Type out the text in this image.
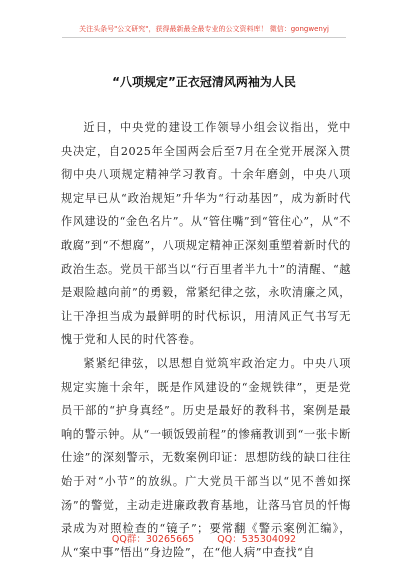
关注头条号"公文研究"，获得最新最全最专业的公文资料库！ 微信：gongwenyj
“八项规定”正衣冠清风两袖为人民

近日，中央党的建设工作领导小组会议指出，党中央决定，自2025年全国两会后至7月在全党开展深入贯彻中央八项规定精神学习教育。十余年磨剑，中央八项规定早已从“政治规矩”升华为“行动基因”，成为新时代作风建设的“金色名片”。从“管住嘴”到“管住心”，从“不敢腐”到“不想腐”，八项规定精神正深刻重塑着新时代的政治生态。党员干部当以“行百里者半九十”的清醒、“越是艰险越向前”的勇毅，常紧纪律之弦，永吹清廉之风，让干净担当成为最鲜明的时代标识，用清风正气书写无愧于党和人民的时代答卷。

紧紧纪律弦，以思想自觉筑牢政治定力。中央八项规定实施十余年，既是作风建设的“金规铁律”，更是党员干部的“护身真经”。历史是最好的教科书，案例是最响的警示钟。从“一顿饭毁前程”的惨痛教训到“一张卡断仕途”的深刻警示，无数案例印证：思想防线的缺口往往始于对“小节”的放纵。广大党员干部当以“见不善如探汤”的警觉，主动走进廉政教育基地，让落马官员的忏悔录成为对照检查的“镜子”；要常翻《警示案例汇编》，从“案中事”悟出“身边险”，在“他人病”中查找“自

QQ群：30265665 QQ：535304092
